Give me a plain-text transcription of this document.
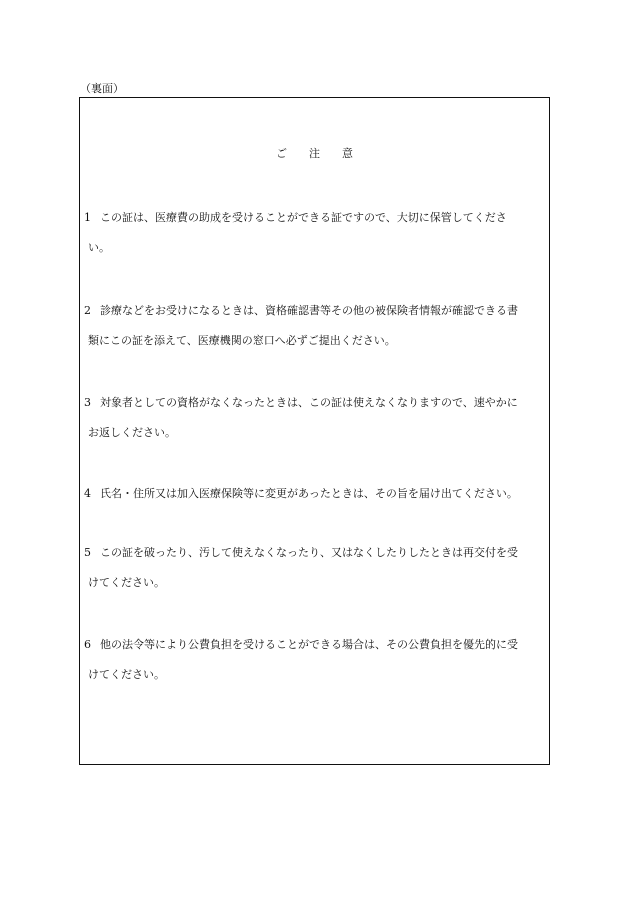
（裏面）
ご　　注　　意
1 この証は、医療費の助成を受けることができる証ですので、大切に保管してくださ
い。
2 診療などをお受けになるときは、資格確認書等その他の被保険者情報が確認できる書
類にこの証を添えて、医療機関の窓口へ必ずご提出ください。
3 対象者としての資格がなくなったときは、この証は使えなくなりますので、速やかに
お返しください。
4 氏名・住所又は加入医療保険等に変更があったときは、その旨を届け出てください。
5 この証を破ったり、汚して使えなくなったり、又はなくしたりしたときは再交付を受
けてください。
6 他の法令等により公費負担を受けることができる場合は、その公費負担を優先的に受
けてください。
